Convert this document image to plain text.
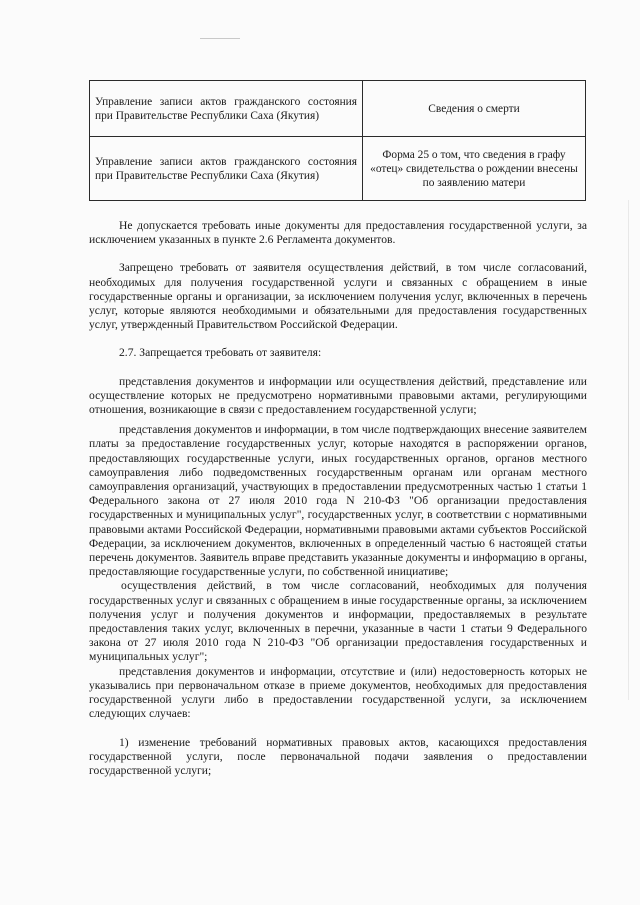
Управление записи актов гражданского состояния при Правительстве Республики Саха (Якутия)	Сведения о смерти
Управление записи актов гражданского состояния при Правительстве Республики Саха (Якутия)	Форма 25 о том, что сведения в графу «отец» свидетельства о рождении внесены по заявлению матери

Не допускается требовать иные документы для предоставления государственной услуги, за исключением указанных в пункте 2.6 Регламента документов.

Запрещено требовать от заявителя осуществления действий, в том числе согласований, необходимых для получения государственной услуги и связанных с обращением в иные государственные органы и организации, за исключением получения услуг, включенных в перечень услуг, которые являются необходимыми и обязательными для предоставления государственных услуг, утвержденный Правительством Российской Федерации.

2.7. Запрещается требовать от заявителя:

представления документов и информации или осуществления действий, представление или осуществление которых не предусмотрено нормативными правовыми актами, регулирующими отношения, возникающие в связи с предоставлением государственной услуги;

представления документов и информации, в том числе подтверждающих внесение заявителем платы за предоставление государственных услуг, которые находятся в распоряжении органов, предоставляющих государственные услуги, иных государственных органов, органов местного самоуправления либо подведомственных государственным органам или органам местного самоуправления организаций, участвующих в предоставлении предусмотренных частью 1 статьи 1 Федерального закона от 27 июля 2010 года N 210-ФЗ "Об организации предоставления государственных и муниципальных услуг", государственных услуг, в соответствии с нормативными правовыми актами Российской Федерации, нормативными правовыми актами субъектов Российской Федерации, за исключением документов, включенных в определенный частью 6 настоящей статьи перечень документов. Заявитель вправе представить указанные документы и информацию в органы, предоставляющие государственные услуги, по собственной инициативе;

осуществления действий, в том числе согласований, необходимых для получения государственных услуг и связанных с обращением в иные государственные органы, за исключением получения услуг и получения документов и информации, предоставляемых в результате предоставления таких услуг, включенных в перечни, указанные в части 1 статьи 9 Федерального закона от 27 июля 2010 года N 210-ФЗ "Об организации предоставления государственных и муниципальных услуг";

представления документов и информации, отсутствие и (или) недостоверность которых не указывались при первоначальном отказе в приеме документов, необходимых для предоставления государственной услуги либо в предоставлении государственной услуги, за исключением следующих случаев:

1) изменение требований нормативных правовых актов, касающихся предоставления государственной услуги, после первоначальной подачи заявления о предоставлении государственной услуги;
